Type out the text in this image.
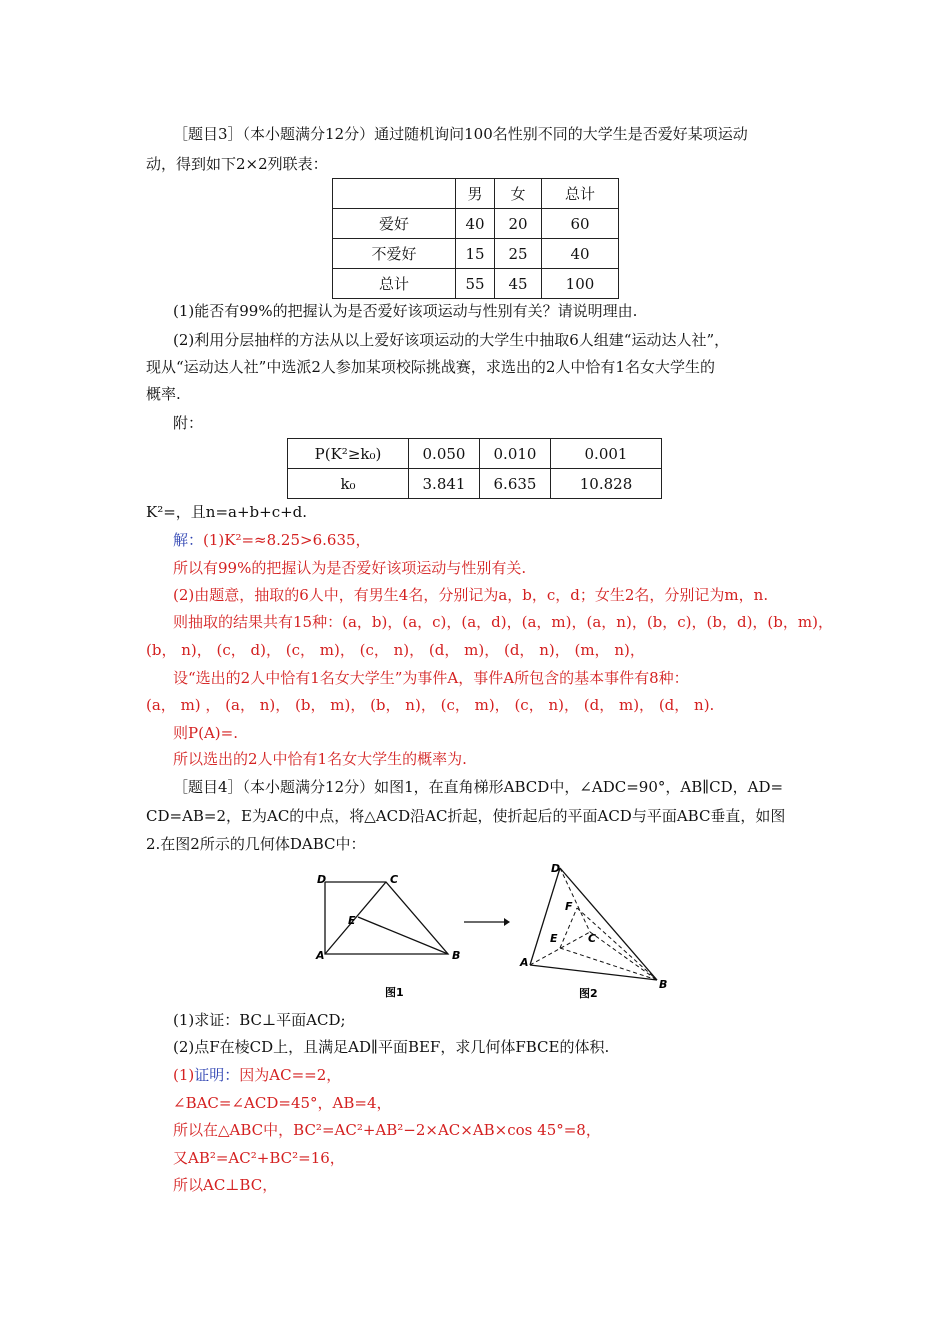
［题目3］（本小题满分12分）通过随机询问100名性别不同的大学生是否爱好某项运动
动，得到如下2×2列联表：
	男	女	总计
爱好	40	20	60
不爱好	15	25	40
总计	55	45	100
(1)能否有99%的把握认为是否爱好该项运动与性别有关？请说明理由.
(2)利用分层抽样的方法从以上爱好该项运动的大学生中抽取6人组建“运动达人社”，
现从“运动达人社”中选派2人参加某项校际挑战赛，求选出的2人中恰有1名女大学生的
概率.
附：
P(K²≥k₀)	0.050	0.010	0.001
k₀	3.841	6.635	10.828
K²=，且n=a+b+c+d.
解：(1)K²=≈8.25>6.635，
所以有99%的把握认为是否爱好该项运动与性别有关.
(2)由题意，抽取的6人中，有男生4名，分别记为a，b，c，d；女生2名，分别记为m，n.
则抽取的结果共有15种：(a，b)，(a，c)，(a，d)，(a，m)，(a，n)，(b，c)，(b，d)，(b，m)，
(b， n)， (c， d)， (c， m)， (c， n)， (d， m)， (d， n)， (m， n)，
设“选出的2人中恰有1名女大学生”为事件A，事件A所包含的基本事件有8种：
(a， m) ， (a， n)， (b， m)， (b， n)， (c， m)， (c， n)， (d， m)， (d， n).
则P(A)=.
所以选出的2人中恰有1名女大学生的概率为.
［题目4］（本小题满分12分）如图1，在直角梯形ABCD中，∠ADC=90°，AB∥CD，AD=
CD=AB=2，E为AC的中点，将△ACD沿AC折起，使折起后的平面ACD与平面ABC垂直，如图
2.在图2所示的几何体DABC中：
D	C
E
A	B
图1
D
F
E	C
A
B
图2
(1)求证：BC⊥平面ACD;
(2)点F在棱CD上，且满足AD∥平面BEF，求几何体FBCE的体积.
(1)证明：因为AC==2，
∠BAC=∠ACD=45°，AB=4，
所以在△ABC中，BC²=AC²+AB²−2×AC×AB×cos 45°=8，
又AB²=AC²+BC²=16，
所以AC⊥BC，
